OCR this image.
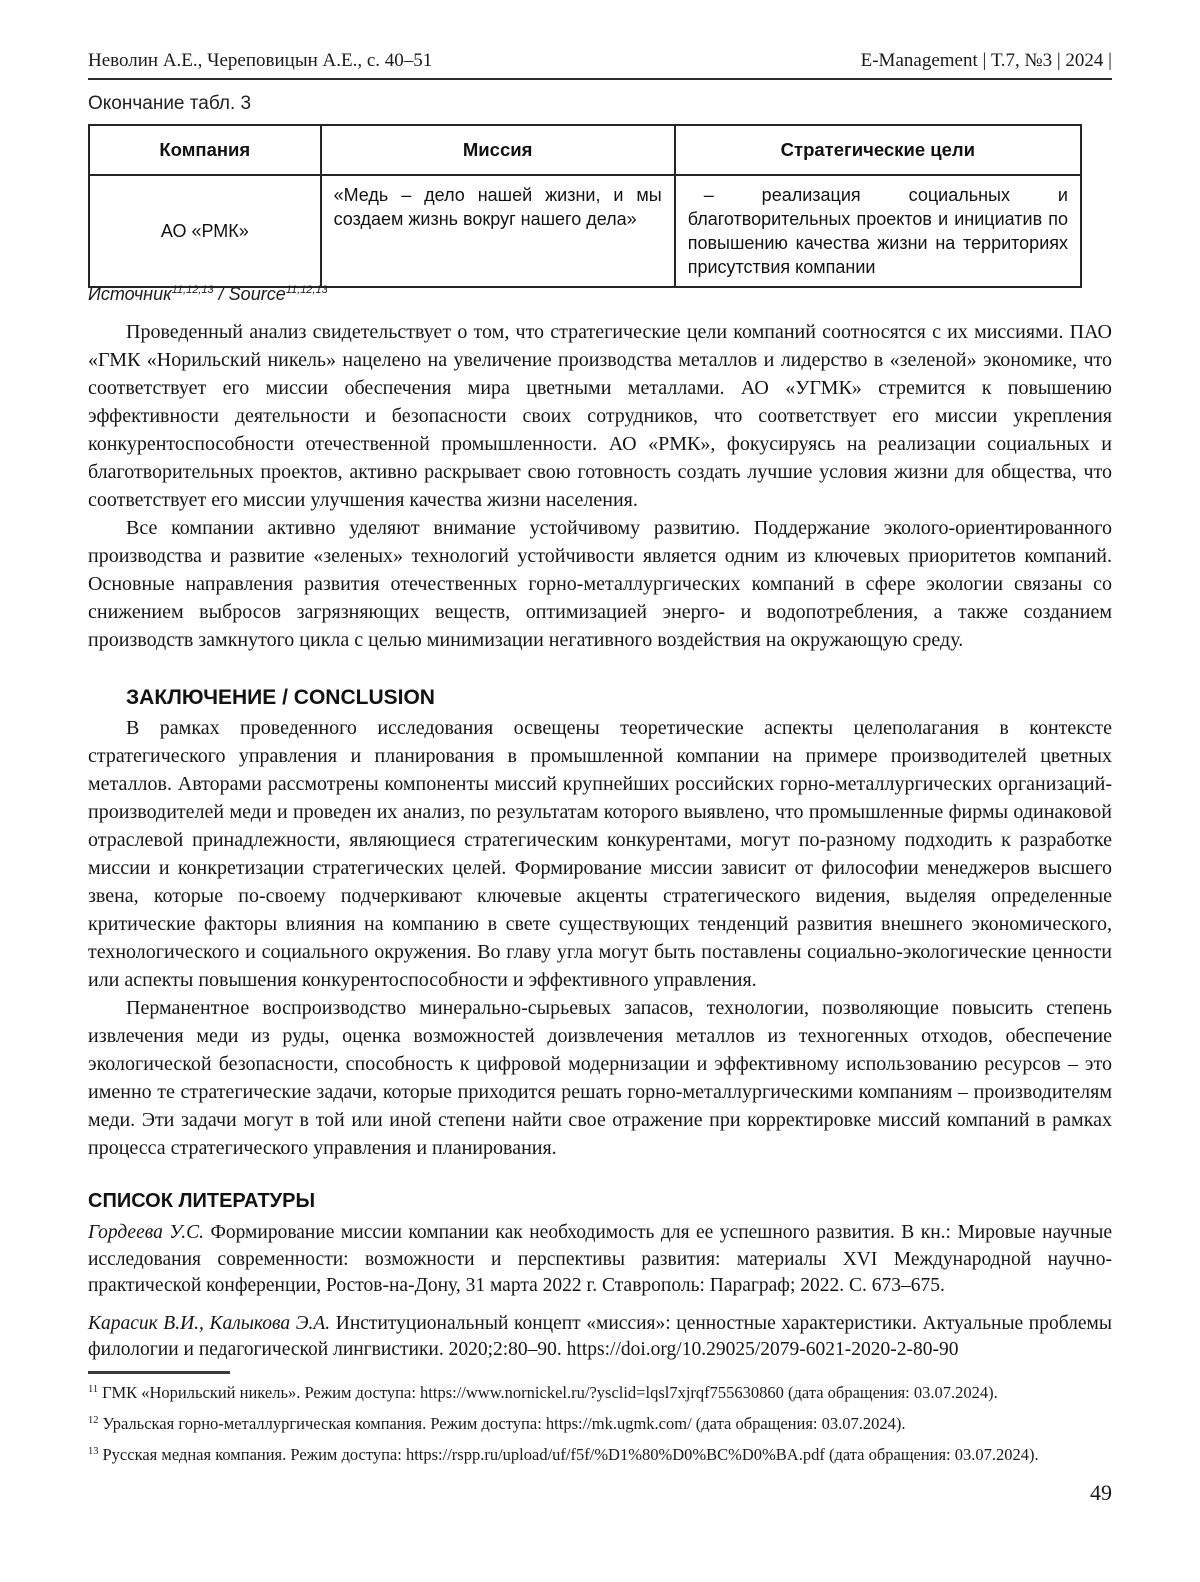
Неволин А.Е., Череповицын А.Е., с. 40–51	E-Management | Т.7, №3 | 2024 |
Окончание табл. 3
Компания	Миссия	Стратегические цели
АО «РМК»	«Медь – дело нашей жизни, и мы создаем жизнь вокруг нашего дела»	– реализация социальных и благотворительных проектов и инициатив по повышению качества жизни на территориях присутствия компании
Источник$^{11,12,13}$ / Source$^{11,12,13}$

Проведенный анализ свидетельствует о том, что стратегические цели компаний соотносятся с их миссиями. ПАО «ГМК «Норильский никель» нацелено на увеличение производства металлов и лидерство в «зеленой» экономике, что соответствует его миссии обеспечения мира цветными металлами. АО «УГМК» стремится к повышению эффективности деятельности и безопасности своих сотрудников, что соответствует его миссии укрепления конкурентоспособности отечественной промышленности. АО «РМК», фокусируясь на реализации социальных и благотворительных проектов, активно раскрывает свою готовность создать лучшие условия жизни для общества, что соответствует его миссии улучшения качества жизни населения.

Все компании активно уделяют внимание устойчивому развитию. Поддержание эколого-ориентированного производства и развитие «зеленых» технологий устойчивости является одним из ключевых приоритетов компаний. Основные направления развития отечественных горно-металлургических компаний в сфере экологии связаны со снижением выбросов загрязняющих веществ, оптимизацией энерго- и водопотребления, а также созданием производств замкнутого цикла с целью минимизации негативного воздействия на окружающую среду.

ЗАКЛЮЧЕНИЕ / CONCLUSION

В рамках проведенного исследования освещены теоретические аспекты целеполагания в контексте стратегического управления и планирования в промышленной компании на примере производителей цветных металлов. Авторами рассмотрены компоненты миссий крупнейших российских горно-металлургических организаций-производителей меди и проведен их анализ, по результатам которого выявлено, что промышленные фирмы одинаковой отраслевой принадлежности, являющиеся стратегическим конкурентами, могут по-разному подходить к разработке миссии и конкретизации стратегических целей. Формирование миссии зависит от философии менеджеров высшего звена, которые по-своему подчеркивают ключевые акценты стратегического видения, выделяя определенные критические факторы влияния на компанию в свете существующих тенденций развития внешнего экономического, технологического и социального окружения. Во главу угла могут быть поставлены социально-экологические ценности или аспекты повышения конкурентоспособности и эффективного управления.

Перманентное воспроизводство минерально-сырьевых запасов, технологии, позволяющие повысить степень извлечения меди из руды, оценка возможностей доизвлечения металлов из техногенных отходов, обеспечение экологической безопасности, способность к цифровой модернизации и эффективному использованию ресурсов – это именно те стратегические задачи, которые приходится решать горно-металлургическими компаниям – производителям меди. Эти задачи могут в той или иной степени найти свое отражение при корректировке миссий компаний в рамках процесса стратегического управления и планирования.

СПИСОК ЛИТЕРАТУРЫ

Гордеева У.С. Формирование миссии компании как необходимость для ее успешного развития. В кн.: Мировые научные исследования современности: возможности и перспективы развития: материалы XVI Международной научно-практической конференции, Ростов-на-Дону, 31 марта 2022 г. Ставрополь: Параграф; 2022. С. 673–675.

Карасик В.И., Калыкова Э.А. Институциональный концепт «миссия»: ценностные характеристики. Актуальные проблемы филологии и педагогической лингвистики. 2020;2:80–90. https://doi.org/10.29025/2079-6021-2020-2-80-90

$^{11}$ ГМК «Норильский никель». Режим доступа: https://www.nornickel.ru/?ysclid=lqsl7xjrqf755630860 (дата обращения: 03.07.2024).

$^{12}$ Уральская горно-металлургическая компания. Режим доступа: https://mk.ugmk.com/ (дата обращения: 03.07.2024).

$^{13}$ Русская медная компания. Режим доступа: https://rspp.ru/upload/uf/f5f/%D1%80%D0%BC%D0%BA.pdf (дата обращения: 03.07.2024).

49
